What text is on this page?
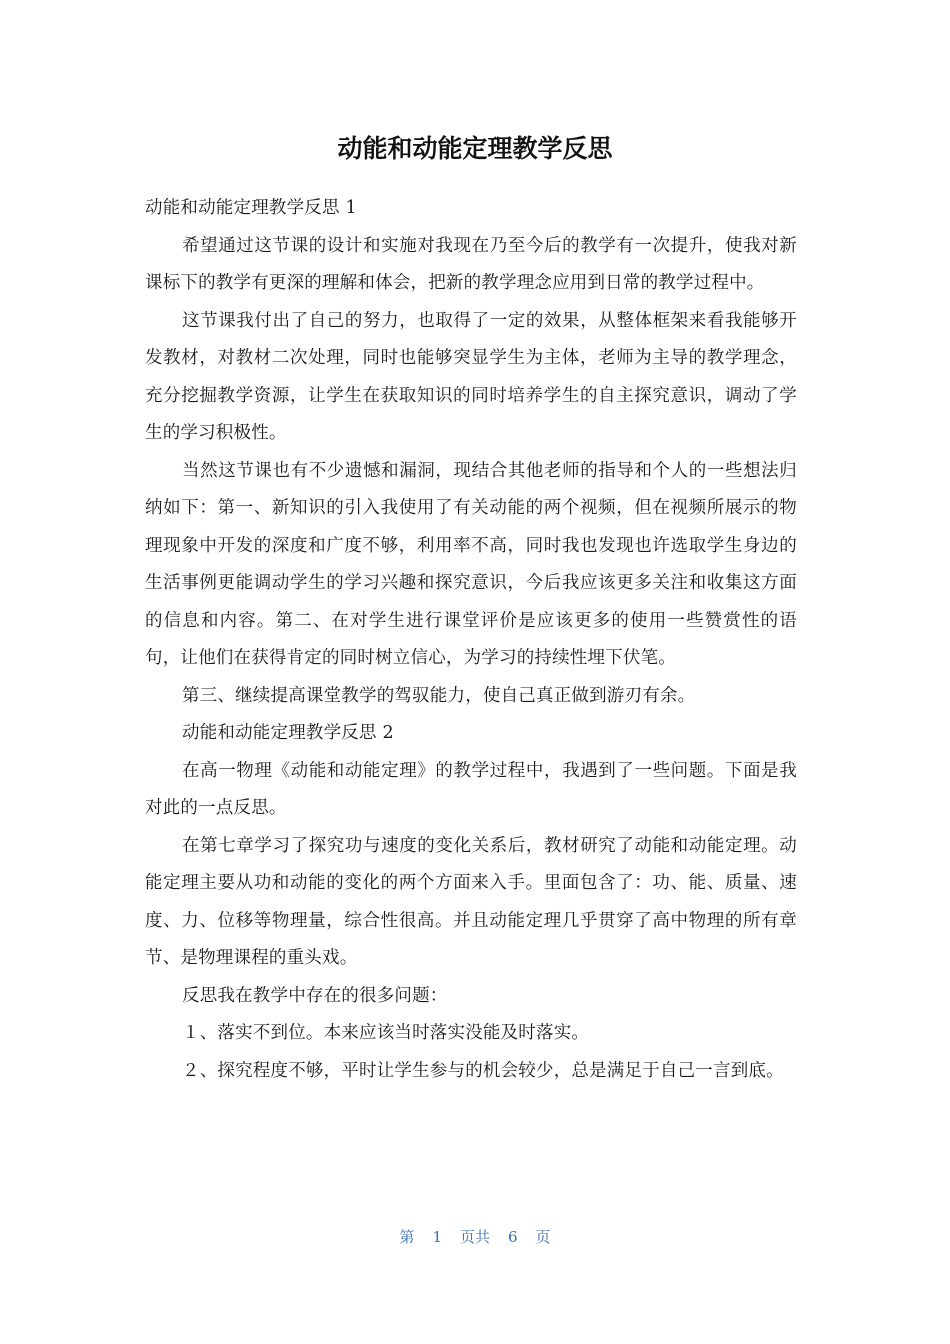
动能和动能定理教学反思

动能和动能定理教学反思 1

希望通过这节课的设计和实施对我现在乃至今后的教学有一次提升，使我对新课标下的教学有更深的理解和体会，把新的教学理念应用到日常的教学过程中。

这节课我付出了自己的努力，也取得了一定的效果，从整体框架来看我能够开发教材，对教材二次处理，同时也能够突显学生为主体，老师为主导的教学理念，充分挖掘教学资源，让学生在获取知识的同时培养学生的自主探究意识，调动了学生的学习积极性。

当然这节课也有不少遗憾和漏洞，现结合其他老师的指导和个人的一些想法归纳如下：第一、新知识的引入我使用了有关动能的两个视频，但在视频所展示的物理现象中开发的深度和广度不够，利用率不高，同时我也发现也许选取学生身边的生活事例更能调动学生的学习兴趣和探究意识，今后我应该更多关注和收集这方面的信息和内容。第二、在对学生进行课堂评价是应该更多的使用一些赞赏性的语句，让他们在获得肯定的同时树立信心，为学习的持续性埋下伏笔。

第三、继续提高课堂教学的驾驭能力，使自己真正做到游刃有余。

动能和动能定理教学反思 2

在高一物理《动能和动能定理》的教学过程中，我遇到了一些问题。下面是我对此的一点反思。

在第七章学习了探究功与速度的变化关系后，教材研究了动能和动能定理。动能定理主要从功和动能的变化的两个方面来入手。里面包含了：功、能、质量、速度、力、位移等物理量，综合性很高。并且动能定理几乎贯穿了高中物理的所有章节、是物理课程的重头戏。

反思我在教学中存在的很多问题：

１、落实不到位。本来应该当时落实没能及时落实。

２、探究程度不够，平时让学生参与的机会较少，总是满足于自己一言到底。

第 1 页共 6 页
